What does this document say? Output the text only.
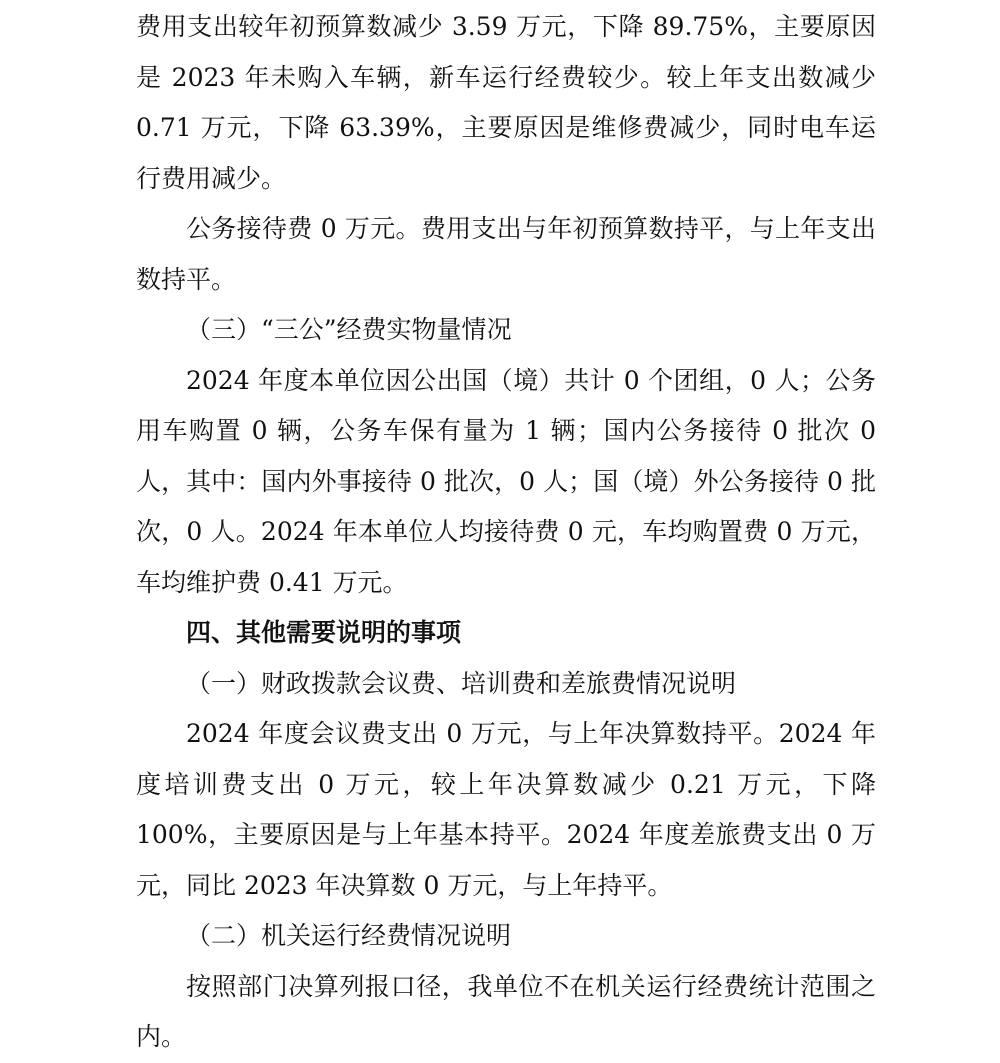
费用支出较年初预算数减少 3.59 万元，下降 89.75%，主要原因是 2023 年未购入车辆，新车运行经费较少。较上年支出数减少 0.71 万元，下降 63.39%，主要原因是维修费减少，同时电车运行费用减少。

公务接待费 0 万元。费用支出与年初预算数持平，与上年支出数持平。

（三）“三公”经费实物量情况

2024 年度本单位因公出国（境）共计 0 个团组，0 人；公务用车购置 0 辆，公务车保有量为 1 辆；国内公务接待 0 批次 0 人，其中：国内外事接待 0 批次，0 人；国（境）外公务接待 0 批次，0 人。2024 年本单位人均接待费 0 元，车均购置费 0 万元，车均维护费 0.41 万元。

四、其他需要说明的事项

（一）财政拨款会议费、培训费和差旅费情况说明

2024 年度会议费支出 0 万元，与上年决算数持平。2024 年度培训费支出 0 万元，较上年决算数减少 0.21 万元，下降 100%，主要原因是与上年基本持平。2024 年度差旅费支出 0 万元，同比 2023 年决算数 0 万元，与上年持平。

（二）机关运行经费情况说明

按照部门决算列报口径，我单位不在机关运行经费统计范围之内。
